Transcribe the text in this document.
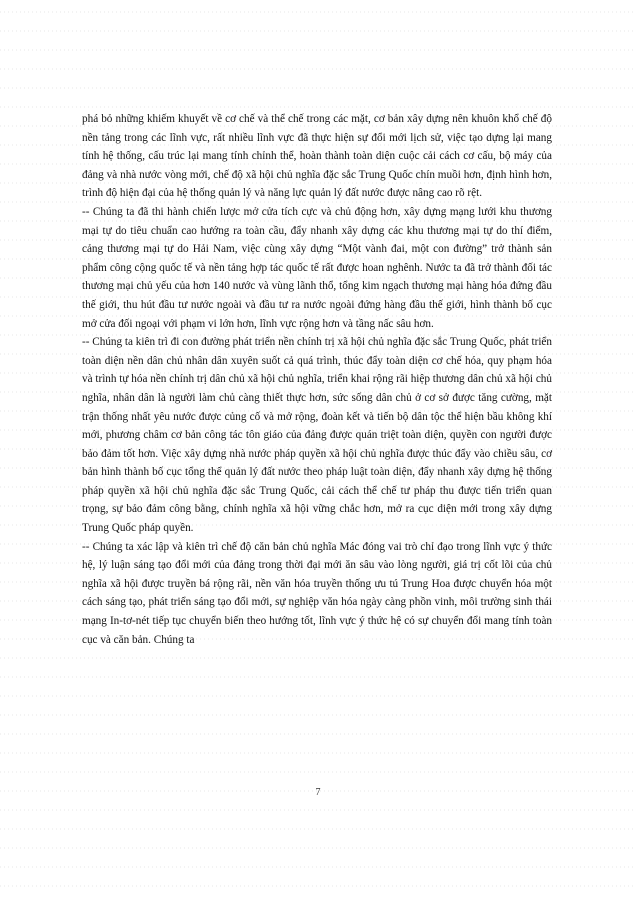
phá bỏ những khiếm khuyết về cơ chế và thể chế trong các mặt, cơ bản xây dựng nên khuôn khổ chế độ nền tảng trong các lĩnh vực, rất nhiều lĩnh vực đã thực hiện sự đổi mới lịch sử, việc tạo dựng lại mang tính hệ thống, cấu trúc lại mang tính chỉnh thể, hoàn thành toàn diện cuộc cải cách cơ cấu, bộ máy của đảng và nhà nước vòng mới, chế độ xã hội chủ nghĩa đặc sắc Trung Quốc chín muồi hơn, định hình hơn, trình độ hiện đại của hệ thống quản lý và năng lực quản lý đất nước được nâng cao rõ rệt.

-- Chúng ta đã thi hành chiến lược mở cửa tích cực và chủ động hơn, xây dựng mạng lưới khu thương mại tự do tiêu chuẩn cao hướng ra toàn cầu, đẩy nhanh xây dựng các khu thương mại tự do thí điểm, cảng thương mại tự do Hải Nam, việc cùng xây dựng “Một vành đai, một con đường” trở thành sản phẩm công cộng quốc tế và nền tảng hợp tác quốc tế rất được hoan nghênh. Nước ta đã trở thành đối tác thương mại chủ yếu của hơn 140 nước và vùng lãnh thổ, tổng kim ngạch thương mại hàng hóa đứng đầu thế giới, thu hút đầu tư nước ngoài và đầu tư ra nước ngoài đứng hàng đầu thế giới, hình thành bố cục mở cửa đối ngoại với phạm vi lớn hơn, lĩnh vực rộng hơn và tầng nấc sâu hơn.

-- Chúng ta kiên trì đi con đường phát triển nền chính trị xã hội chủ nghĩa đặc sắc Trung Quốc, phát triển toàn diện nền dân chủ nhân dân xuyên suốt cả quá trình, thúc đẩy toàn diện cơ chế hóa, quy phạm hóa và trình tự hóa nền chính trị dân chủ xã hội chủ nghĩa, triển khai rộng rãi hiệp thương dân chủ xã hội chủ nghĩa, nhân dân là người làm chủ càng thiết thực hơn, sức sống dân chủ ở cơ sở được tăng cường, mặt trận thống nhất yêu nước được củng cố và mở rộng, đoàn kết và tiến bộ dân tộc thể hiện bầu không khí mới, phương châm cơ bản công tác tôn giáo của đảng được quán triệt toàn diện, quyền con người được bảo đảm tốt hơn. Việc xây dựng nhà nước pháp quyền xã hội chủ nghĩa được thúc đẩy vào chiều sâu, cơ bản hình thành bố cục tổng thể quản lý đất nước theo pháp luật toàn diện, đẩy nhanh xây dựng hệ thống pháp quyền xã hội chủ nghĩa đặc sắc Trung Quốc, cải cách thể chế tư pháp thu được tiến triển quan trọng, sự bảo đảm công bằng, chính nghĩa xã hội vững chắc hơn, mở ra cục diện mới trong xây dựng Trung Quốc pháp quyền.

-- Chúng ta xác lập và kiên trì chế độ căn bản chủ nghĩa Mác đóng vai trò chỉ đạo trong lĩnh vực ý thức hệ, lý luận sáng tạo đổi mới của đảng trong thời đại mới ăn sâu vào lòng người, giá trị cốt lõi của chủ nghĩa xã hội được truyền bá rộng rãi, nền văn hóa truyền thống ưu tú Trung Hoa được chuyển hóa một cách sáng tạo, phát triển sáng tạo đổi mới, sự nghiệp văn hóa ngày càng phồn vinh, môi trường sinh thái mạng In-tơ-nét tiếp tục chuyển biến theo hướng tốt, lĩnh vực ý thức hệ có sự chuyển đổi mang tính toàn cục và căn bản. Chúng ta

7
